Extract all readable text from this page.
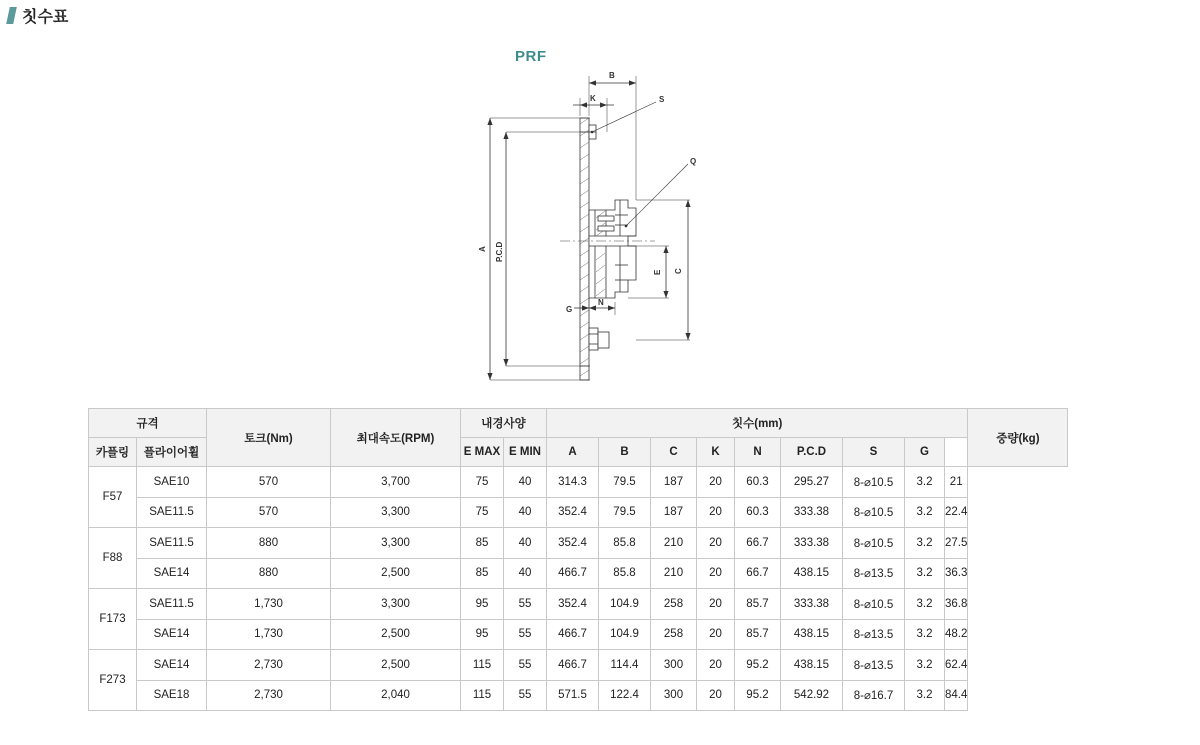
칫수표
PRF
B
K	S
Q
C
E
G
N
A P.C.D
규격		토크(Nm)	최대속도(RPM)	내경사양		칫수(mm)									중량(kg)
카플링	플라이어휠			E MAX	E MIN	A	B	C	K	N	P.C.D	S	G		
F57	SAE10	570	3,700	75	40	314.3	79.5	187	20	60.3	295.27	8-⌀10.5	3.2	21	
	SAE11.5	570	3,300	75	40	352.4	79.5	187	20	60.3	333.38	8-⌀10.5	3.2	22.4	
F88	SAE11.5	880	3,300	85	40	352.4	85.8	210	20	66.7	333.38	8-⌀10.5	3.2	27.5	
	SAE14	880	2,500	85	40	466.7	85.8	210	20	66.7	438.15	8-⌀13.5	3.2	36.3	
F173	SAE11.5	1,730	3,300	95	55	352.4	104.9	258	20	85.7	333.38	8-⌀10.5	3.2	36.8	
	SAE14	1,730	2,500	95	55	466.7	104.9	258	20	85.7	438.15	8-⌀13.5	3.2	48.2	
F273	SAE14	2,730	2,500	115	55	466.7	114.4	300	20	95.2	438.15	8-⌀13.5	3.2	62.4	
	SAE18	2,730	2,040	115	55	571.5	122.4	300	20	95.2	542.92	8-⌀16.7	3.2	84.4	
